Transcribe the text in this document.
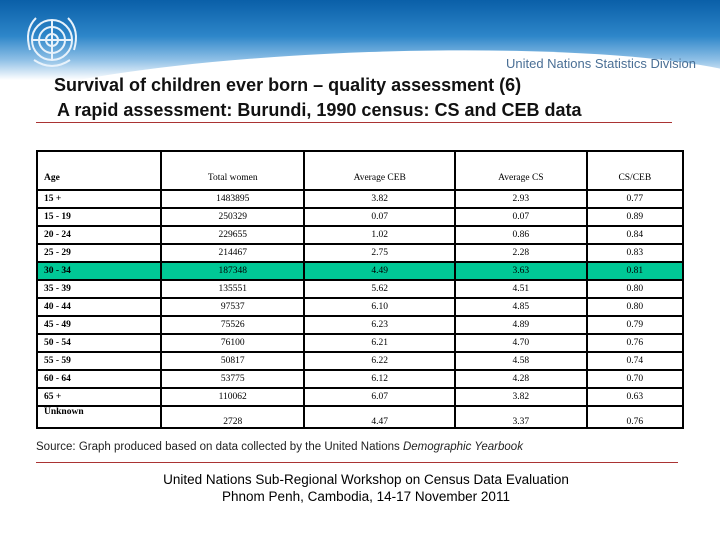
United Nations Statistics Division
Survival of children ever born – quality assessment (6)
A rapid assessment: Burundi, 1990 census: CS and CEB data
Age	Total women	Average CEB	Average CS	CS/CEB
15 +	1483895	3.82	2.93	0.77
15 - 19	250329	0.07	0.07	0.89
20 - 24	229655	1.02	0.86	0.84
25 - 29	214467	2.75	2.28	0.83
30 - 34	187348	4.49	3.63	0.81
35 - 39	135551	5.62	4.51	0.80
40 - 44	97537	6.10	4.85	0.80
45 - 49	75526	6.23	4.89	0.79
50 - 54	76100	6.21	4.70	0.76
55 - 59	50817	6.22	4.58	0.74
60 - 64	53775	6.12	4.28	0.70
65 +	110062	6.07	3.82	0.63
Unknown	2728	4.47	3.37	0.76
Source: Graph produced based on data collected by the United Nations Demographic Yearbook
United Nations Sub-Regional Workshop on Census Data Evaluation
Phnom Penh, Cambodia, 14-17 November 2011
